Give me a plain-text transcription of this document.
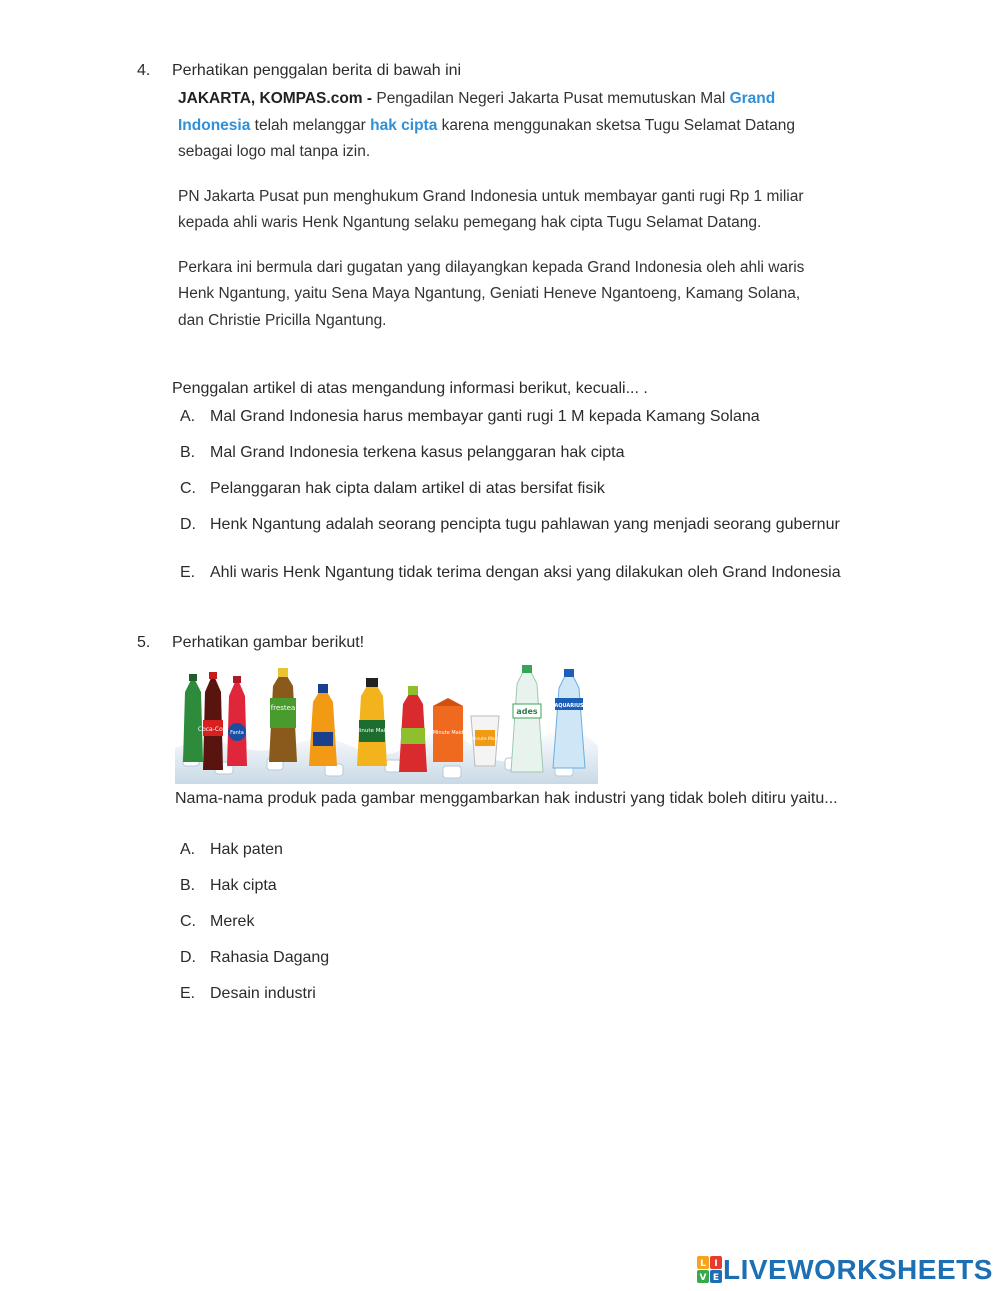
4. Perhatikan penggalan berita di bawah ini

JAKARTA, KOMPAS.com - Pengadilan Negeri Jakarta Pusat memutuskan Mal Grand Indonesia telah melanggar hak cipta karena menggunakan sketsa Tugu Selamat Datang sebagai logo mal tanpa izin.

PN Jakarta Pusat pun menghukum Grand Indonesia untuk membayar ganti rugi Rp 1 miliar kepada ahli waris Henk Ngantung selaku pemegang hak cipta Tugu Selamat Datang.

Perkara ini bermula dari gugatan yang dilayangkan kepada Grand Indonesia oleh ahli waris Henk Ngantung, yaitu Sena Maya Ngantung, Geniati Heneve Ngantoeng, Kamang Solana, dan Christie Pricilla Ngantung.

Penggalan artikel di atas mengandung informasi berikut, kecuali... .
A. Mal Grand Indonesia harus membayar ganti rugi 1 M kepada Kamang Solana
B. Mal Grand Indonesia terkena kasus pelanggaran hak cipta
C. Pelanggaran hak cipta dalam artikel di atas bersifat fisik
D. Henk Ngantung adalah seorang pencipta tugu pahlawan yang menjadi seorang gubernur
E. Ahli waris Henk Ngantung tidak terima dengan aksi yang dilakukan oleh Grand Indonesia
5. Perhatikan gambar berikut!
Coca-Cola Fanta
frestea
Minute Maid	Minute Maid
Minute Maid
ades
AQUARIUS
Nama-nama produk pada gambar menggambarkan hak industri yang tidak boleh ditiru yaitu...
A. Hak paten
B. Hak cipta
C. Merek
D. Rahasia Dagang
E. Desain industri
L I
V E LIVEWORKSHEETS
